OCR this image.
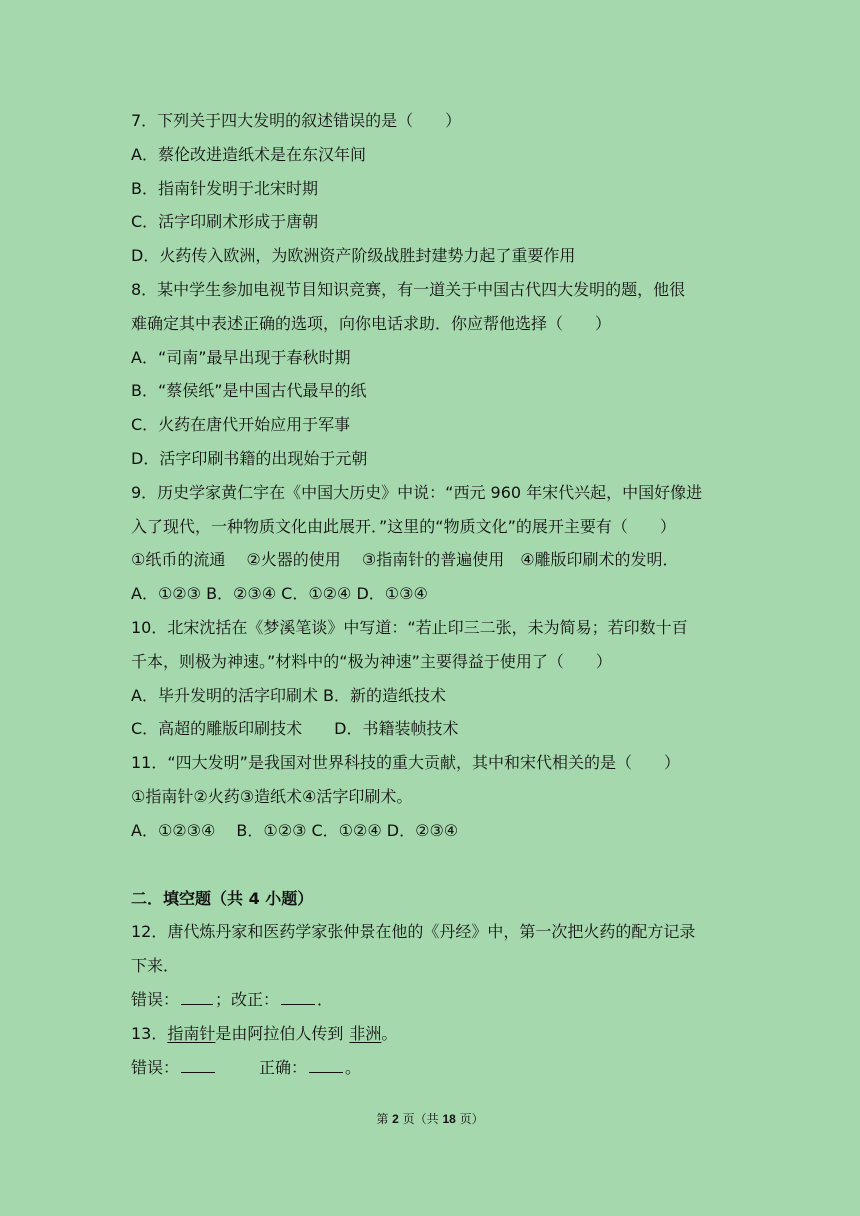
7．下列关于四大发明的叙述错误的是（　　）
A．蔡伦改进造纸术是在东汉年间
B．指南针发明于北宋时期
C．活字印刷术形成于唐朝
D．火药传入欧洲，为欧洲资产阶级战胜封建势力起了重要作用
8．某中学生参加电视节目知识竞赛，有一道关于中国古代四大发明的题，他很
难确定其中表述正确的选项，向你电话求助．你应帮他选择（　　）
A．“司南”最早出现于春秋时期
B．“蔡侯纸”是中国古代最早的纸
C．火药在唐代开始应用于军事
D．活字印刷书籍的出现始于元朝
9．历史学家黄仁宇在《中国大历史》中说：“西元 960 年宋代兴起，中国好像进
入了现代，一种物质文化由此展开．”这里的“物质文化”的展开主要有（　　）
①纸币的流通　 ②火器的使用　 ③指南针的普遍使用　④雕版印刷术的发明．
A．①②③ B．②③④ C．①②④ D．①③④
10．北宋沈括在《梦溪笔谈》中写道：“若止印三二张，未为简易；若印数十百
千本，则极为神速。”材料中的“极为神速”主要得益于使用了（　　）
A．毕升发明的活字印刷术 B．新的造纸技术
C．高超的雕版印刷技术　　D．书籍装帧技术
11．“四大发明”是我国对世界科技的重大贡献，其中和宋代相关的是（　　）
①指南针②火药③造纸术④活字印刷术。
A．①②③④　 B．①②③ C．①②④ D．②③④
二．填空题（共 4 小题）
12．唐代炼丹家和医药学家张仲景在他的《丹经》中，第一次把火药的配方记录
下来．
错误： ；改正： ．
13．指南针是由阿拉伯人传到 非洲。
错误：	正确： 。
第 2 页（共 18 页）
